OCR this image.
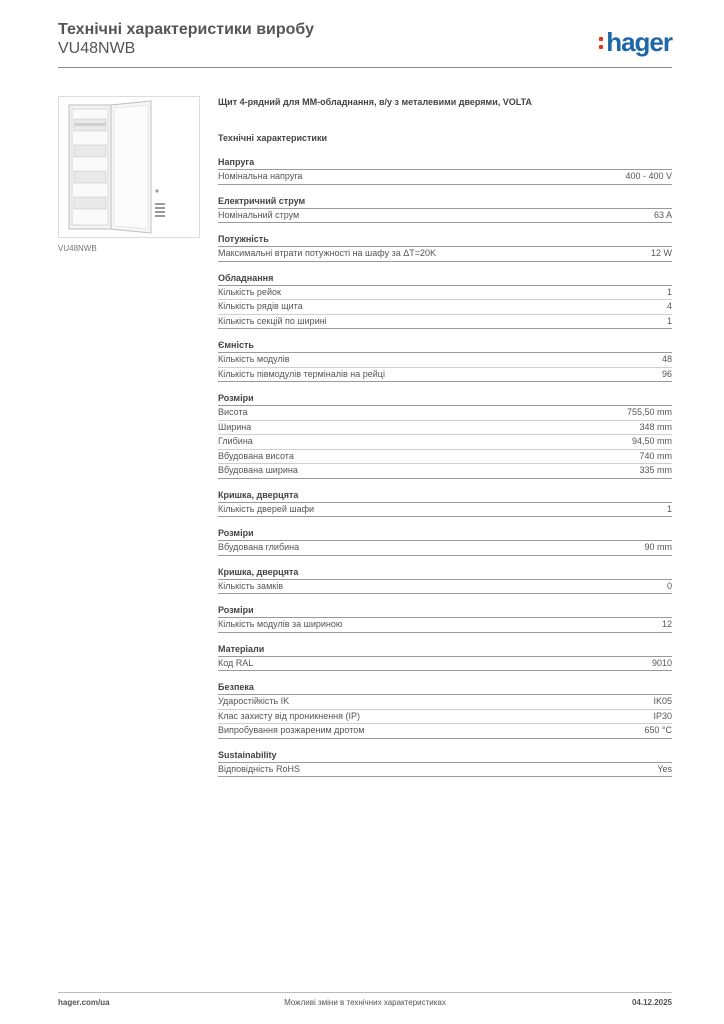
Технічні характеристики виробу
VU48NWB	hager
VU48NWB
Щит 4-рядний для ММ-обладнання, в/у з металевими дверями, VOLTA
Технічні характеристики
Напруга
Номінальна напруга	400 - 400 V
Електричний струм
Номінальний струм	63 A
Потужність
Максимальні втрати потужності на шафу за ΔT=20K	12 W
Обладнання
Кількість рейок	1
Кількість рядів щита	4
Кількість секцій по ширині	1
Ємність
Кількість модулів	48
Кількість півмодулів терміналів на рейці	96
Розміри
Висота	755,50 mm
Ширина	348 mm
Глибина	94,50 mm
Вбудована висота	740 mm
Вбудована ширина	335 mm
Кришка, дверцята
Кількість дверей шафи	1
Розміри
Вбудована глибина	90 mm
Кришка, дверцята
Кількість замків	0
Розміри
Кількість модулів за шириною	12
Матеріали
Код RAL	9010
Безпека
Ударостійкість IK	IK05
Клас захисту від проникнення (IP)	IP30
Випробування розжареним дротом	650 °C
Sustainability
Відповідність RoHS	Yes
hager.com/ua	Можливі зміни в технічних характеристиках	04.12.2025
